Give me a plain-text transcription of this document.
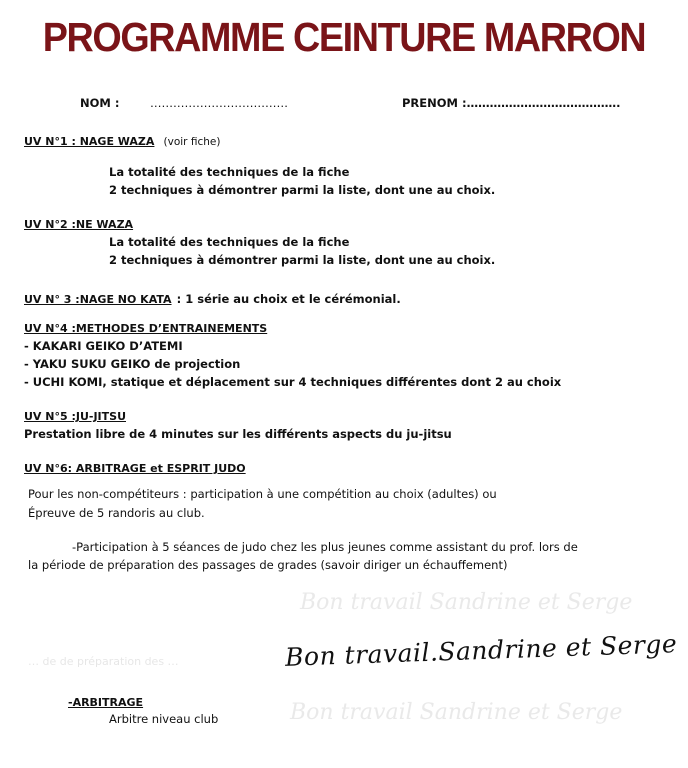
PROGRAMME CEINTURE MARRON
Bon travail Sandrine et Serge
Bon travail Sandrine et Serge
NOM :	………………………………	PRENOM :………………………………….
UV N°1 : NAGE WAZA (voir fiche)
La totalité des techniques de la fiche
2 techniques à démontrer parmi la liste, dont une au choix.
UV N°2 :NE WAZA
La totalité des techniques de la fiche
2 techniques à démontrer parmi la liste, dont une au choix.
UV N° 3 :NAGE NO KATA : 1 série au choix et le cérémonial.
UV N°4 :METHODES D’ENTRAINEMENTS
- KAKARI GEIKO D’ATEMI
- YAKU SUKU GEIKO de projection
- UCHI KOMI, statique et déplacement sur 4 techniques différentes dont 2 au choix
UV N°5 :JU-JITSU
Prestation libre de 4 minutes sur les différents aspects du ju-jitsu
UV N°6: ARBITRAGE et ESPRIT JUDO
Pour les non-compétiteurs : participation à une compétition au choix (adultes) ou
Épreuve de 5 randoris au club.
-Participation à 5 séances de judo chez les plus jeunes comme assistant du prof. lors de
la période de préparation des passages de grades (savoir diriger un échauffement)
… de de préparation des …	Bon travail.Sandrine et Serge
-ARBITRAGE
Arbitre niveau club
